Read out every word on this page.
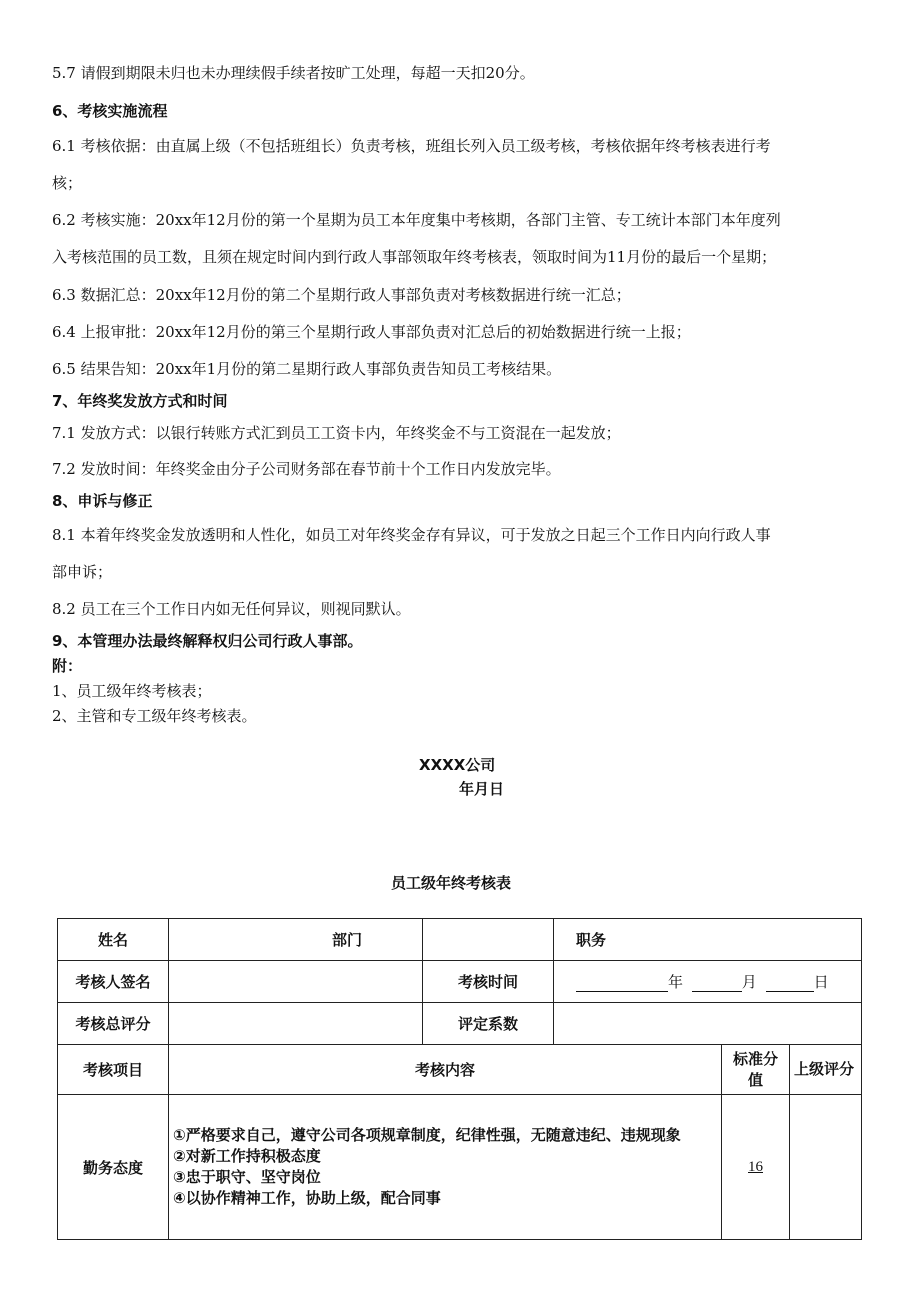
5.7 请假到期限未归也未办理续假手续者按旷工处理，每超一天扣20分。
6、考核实施流程
6.1 考核依据：由直属上级（不包括班组长）负责考核，班组长列入员工级考核，考核依据年终考核表进行考
核；
6.2 考核实施：20xx年12月份的第一个星期为员工本年度集中考核期，各部门主管、专工统计本部门本年度列
入考核范围的员工数，且须在规定时间内到行政人事部领取年终考核表，领取时间为11月份的最后一个星期；
6.3 数据汇总：20xx年12月份的第二个星期行政人事部负责对考核数据进行统一汇总；
6.4 上报审批：20xx年12月份的第三个星期行政人事部负责对汇总后的初始数据进行统一上报；
6.5 结果告知：20xx年1月份的第二星期行政人事部负责告知员工考核结果。
7、年终奖发放方式和时间
7.1 发放方式：以银行转账方式汇到员工工资卡内，年终奖金不与工资混在一起发放；
7.2 发放时间：年终奖金由分子公司财务部在春节前十个工作日内发放完毕。
8、申诉与修正
8.1 本着年终奖金发放透明和人性化，如员工对年终奖金存有异议，可于发放之日起三个工作日内向行政人事
部申诉；
8.2 员工在三个工作日内如无任何异议，则视同默认。
9、本管理办法最终解释权归公司行政人事部。
附：
1、员工级年终考核表；
2、主管和专工级年终考核表。
XXXX公司
年月日
员工级年终考核表
姓名	部门		职务		
考核人签名		考核时间	年 月 日		
考核总评分		评定系数			
考核项目	考核内容			标准分值	上级评分
勤务态度	①严格要求自己，遵守公司各项规章制度，纪律性强，无随意违纪、违规现象
②对新工作持积极态度
③忠于职守、坚守岗位
④以协作精神工作，协助上级，配合同事			16	
